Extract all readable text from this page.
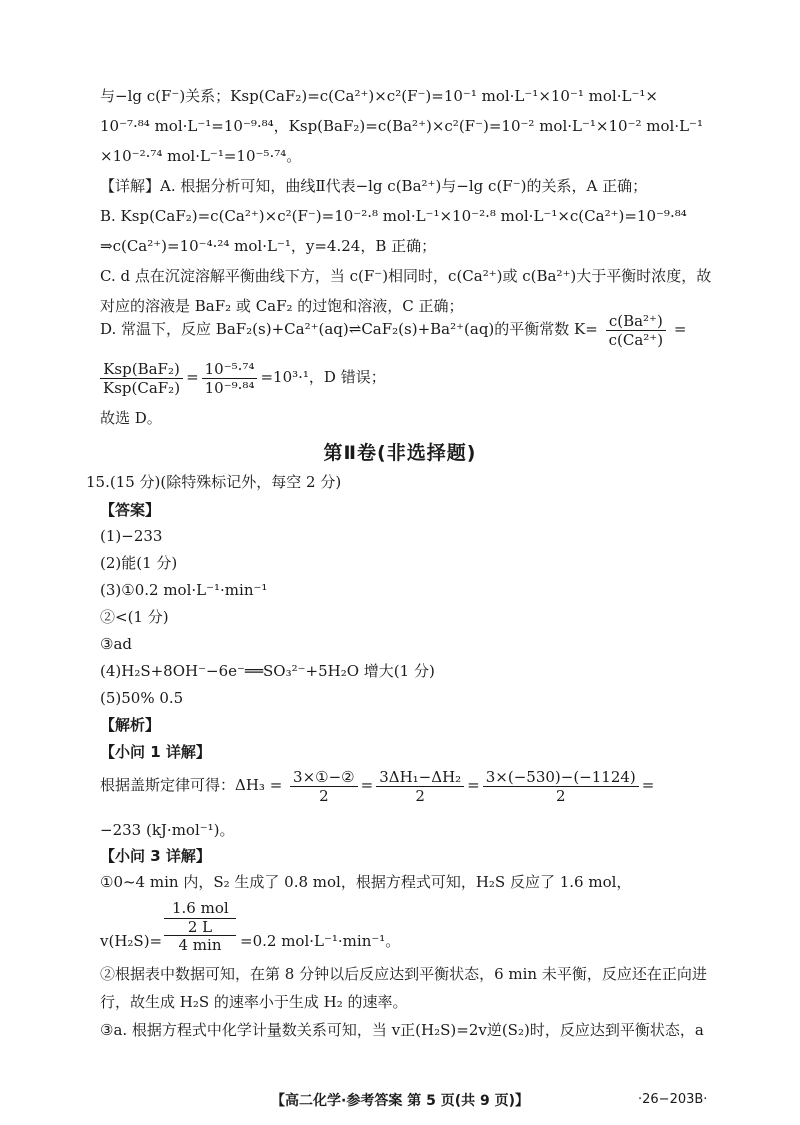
与−lg c(F⁻)关系；Ksp(CaF₂)=c(Ca²⁺)×c²(F⁻)=10⁻¹ mol·L⁻¹×10⁻¹ mol·L⁻¹×
10⁻⁷·⁸⁴ mol·L⁻¹=10⁻⁹·⁸⁴，Ksp(BaF₂)=c(Ba²⁺)×c²(F⁻)=10⁻² mol·L⁻¹×10⁻² mol·L⁻¹
×10⁻²·⁷⁴ mol·L⁻¹=10⁻⁵·⁷⁴。
【详解】A. 根据分析可知，曲线Ⅱ代表−lg c(Ba²⁺)与−lg c(F⁻)的关系，A 正确；
B. Ksp(CaF₂)=c(Ca²⁺)×c²(F⁻)=10⁻²·⁸ mol·L⁻¹×10⁻²·⁸ mol·L⁻¹×c(Ca²⁺)=10⁻⁹·⁸⁴
⇒c(Ca²⁺)=10⁻⁴·²⁴ mol·L⁻¹，y=4.24，B 正确；
C. d 点在沉淀溶解平衡曲线下方，当 c(F⁻)相同时，c(Ca²⁺)或 c(Ba²⁺)大于平衡时浓度，故
对应的溶液是 BaF₂ 或 CaF₂ 的过饱和溶液，C 正确；
D. 常温下，反应 BaF₂(s)+Ca²⁺(aq)⇌CaF₂(s)+Ba²⁺(aq)的平衡常数 $K= \frac{\text{c(Ba²⁺)}}{\text{c(Ca²⁺)}}$ =
$\frac{\text{Ksp(BaF₂)}}{\text{Ksp(CaF₂)}} = \frac{\text{10⁻⁵·⁷⁴}}{\text{10⁻⁹·⁸⁴}} =10^3\cdot^1$，D 错误；
故选 D。
第Ⅱ卷(非选择题)
15.(15 分)(除特殊标记外，每空 2 分)
【答案】
(1)−233
(2)能(1 分)
(3)①0.2 mol·L⁻¹·min⁻¹
②<(1 分)
③ad
(4)H₂S+8OH⁻−6e⁻══SO₃²⁻+5H₂O 增大(1 分)
(5)50% 0.5
【解析】
【小问 1 详解】
根据盖斯定律可得：$\Delta H_3 = \frac{\text{3×①−②}}{2} = \frac{\text{3ΔH₁−ΔH₂}}{2} = \frac{3\times(-530)-(-1124)}{2}$ =
−233 (kJ·mol⁻¹)。
【小问 3 详解】
①0~4 min 内，S₂ 生成了 0.8 mol，根据方程式可知，H₂S 反应了 1.6 mol，
1.6 mol
v(H₂S)=
2 L
4 min	=0.2 mol·L⁻¹·min⁻¹。
②根据表中数据可知，在第 8 分钟以后反应达到平衡状态，6 min 未平衡，反应还在正向进
行，故生成 H₂S 的速率小于生成 H₂ 的速率。
③a. 根据方程式中化学计量数关系可知，当 v正(H₂S)=2v逆(S₂)时，反应达到平衡状态，a
【高二化学·参考答案 第 5 页(共 9 页)】	·26−203B·
